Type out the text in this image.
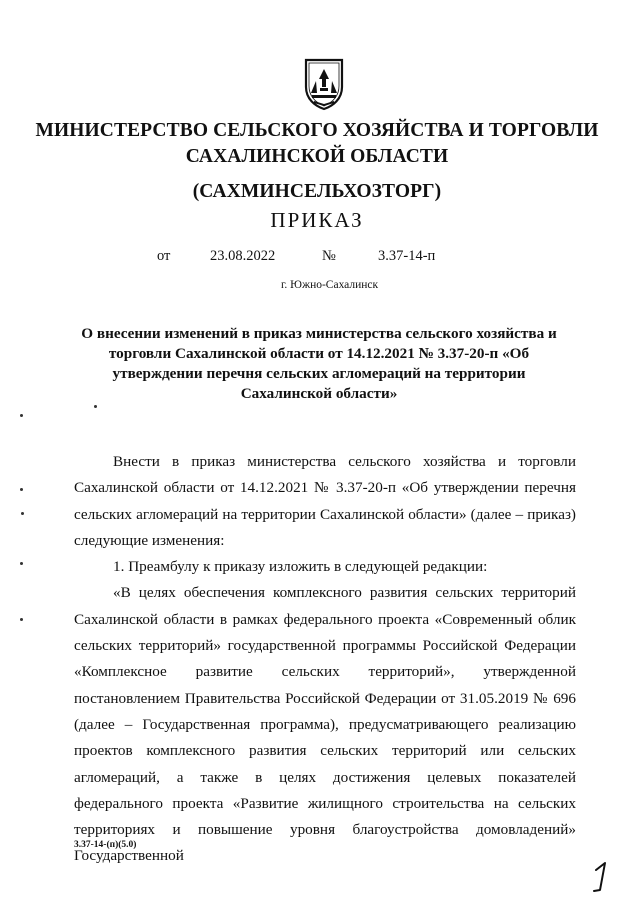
МИНИСТЕРСТВО СЕЛЬСКОГО ХОЗЯЙСТВА И ТОРГОВЛИ
САХАЛИНСКОЙ ОБЛАСТИ
(САХМИНСЕЛЬХОЗТОРГ)
ПРИКАЗ
от	23.08.2022	№	3.37-14-п
г. Южно-Сахалинск
О внесении изменений в приказ министерства сельского хозяйства и торговли Сахалинской области от 14.12.2021 № 3.37-20-п «Об утверждении перечня сельских агломераций на территории Сахалинской области»

Внести в приказ министерства сельского хозяйства и торговли Сахалинской области от 14.12.2021 № 3.37-20-п «Об утверждении перечня сельских агломераций на территории Сахалинской области» (далее – приказ) следующие изменения:

1. Преамбулу к приказу изложить в следующей редакции:

«В целях обеспечения комплексного развития сельских территорий Сахалинской области в рамках федерального проекта «Современный облик сельских территорий» государственной программы Российской Федерации «Комплексное развитие сельских территорий», утвержденной постановлением Правительства Российской Федерации от 31.05.2019 № 696 (далее – Государственная программа), предусматривающего реализацию проектов комплексного развития сельских территорий или сельских агломераций, а также в целях достижения целевых показателей федерального проекта «Развитие жилищного строительства на сельских территориях и повышение уровня благоустройства домовладений» Государственной

3.37-14-(п)(5.0)
